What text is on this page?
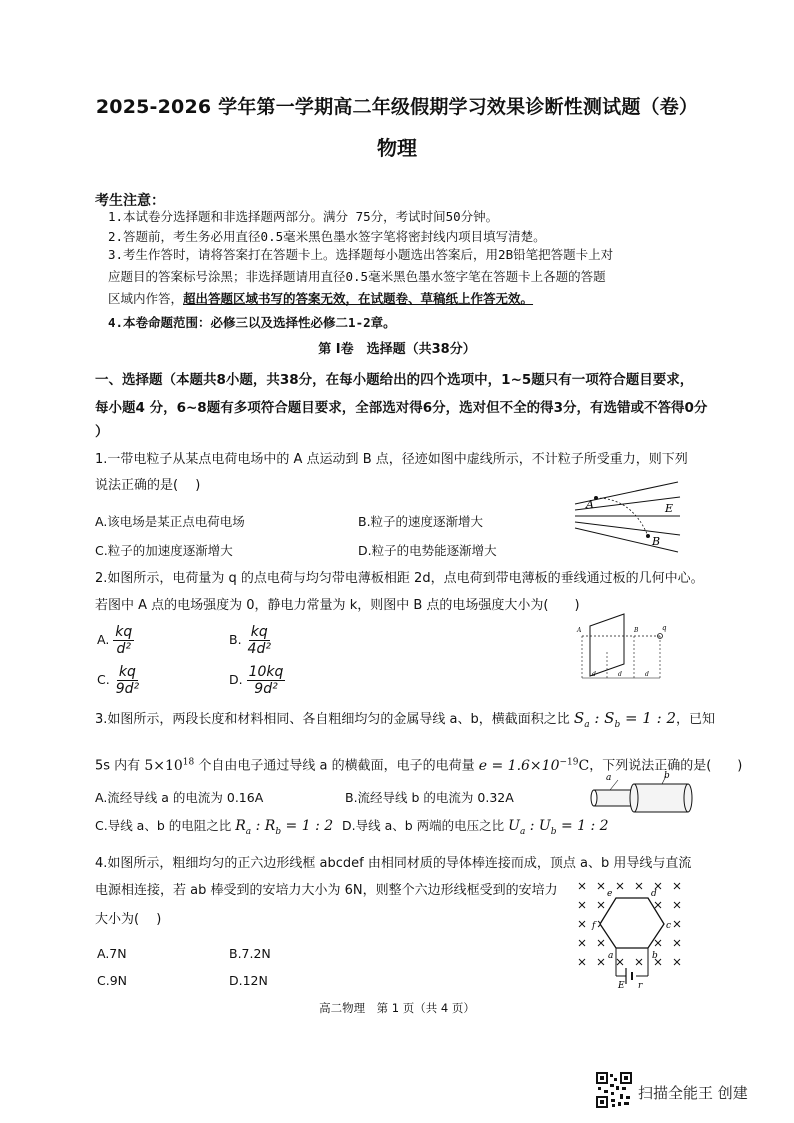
2025-2026 学年第一学期高二年级假期学习效果诊断性测试题（卷）
物理
考生注意：
1.本试卷分选择题和非选择题两部分。满分 75分，考试时间50分钟。
2.答题前，考生务必用直径0.5毫米黑色墨水签字笔将密封线内项目填写清楚。
3.考生作答时，请将答案打在答题卡上。选择题每小题选出答案后，用2B铅笔把答题卡上对
应题目的答案标号涂黑；非选择题请用直径0.5毫米黑色墨水签字笔在答题卡上各题的答题
区域内作答，超出答题区域书写的答案无效，在试题卷、草稿纸上作答无效。
4.本卷命题范围：必修三以及选择性必修二1-2章。
第 Ⅰ卷　选择题（共38分）
一、选择题（本题共8小题，共38分，在每小题给出的四个选项中，1~5题只有一项符合题目要求，
每小题4 分，6~8题有多项符合题目要求，全部选对得6分，选对但不全的得3分，有选错或不答得0分
）
1.一带电粒子从某点电荷电场中的 A 点运动到 B 点，径迹如图中虚线所示，不计粒子所受重力，则下列
说法正确的是(　 )
A.该电场是某正点电荷电场	B.粒子的速度逐渐增大
C.粒子的加速度逐渐增大	D.粒子的电势能逐渐增大
A
B
E
2.如图所示，电荷量为 q 的点电荷与均匀带电薄板相距 2d，点电荷到带电薄板的垂线通过板的几何中心。
若图中 A 点的电场强度为 0，静电力常量为 k，则图中 B 点的电场强度大小为(　　)
A. $\frac{kq}{\text{d²}}$	B. $\frac{kq}{\text{4d²}}$
C. $\frac{kq}{\text{9d²}}$	D. $\frac{10kq}{\text{9d²}}$
A	B	q
d	d	d
3.如图所示，两段长度和材料相同、各自粗细均匀的金属导线 a、b，横截面积之比 $S_a$ : $S_b = 1$ : 2，已知
5s 内有 $5\times 10^{18}$ 个自由电子通过导线 a 的横截面，电子的电荷量 $e = 1.6\times 10^{-19}C$，下列说法正确的是(　　)
A.流经导线 a 的电流为 0.16A	B.流经导线 b 的电流为 0.32A
C.导线 a、b 的电阻之比 $R_a$ : $R_b = 1$ : 2 D.导线 a、b 两端的电压之比 $U_a$ : $U_b = 1$ : 2
a	b
4.如图所示，粗细均匀的正六边形线框 abcdef 由相同材质的导体棒连接而成，顶点 a、b 用导线与直流
电源相连接，若 ab 棒受到的安培力大小为 6N，则整个六边形线框受到的安培力
大小为(　 )
A.7N	B.7.2N
C.9N	D.12N
a	b
c
d
e
f
E r
高二物理　第 1 页（共 4 页）
扫描全能王 创建
